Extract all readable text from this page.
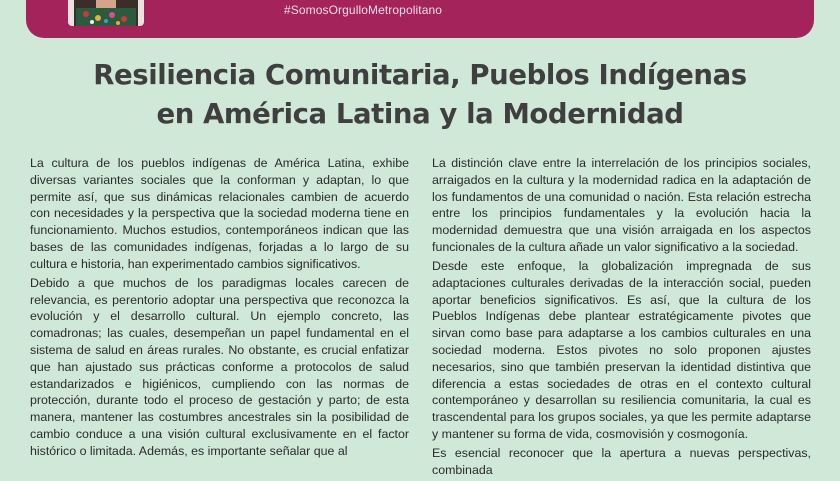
#SomosOrgulloMetropolitano
Resiliencia Comunitaria, Pueblos Indígenas
en América Latina y la Modernidad

La cultura de los pueblos indígenas de América Latina, exhibe diversas variantes sociales que la conforman y adaptan, lo que permite así, que sus dinámicas relacionales cambien de acuerdo con necesidades y la perspectiva que la sociedad moderna tiene en funcionamiento. Muchos estudios, contemporáneos indican que las bases de las comunidades indígenas, forjadas a lo largo de su cultura e historia, han experimentado cambios significativos.

Debido a que muchos de los paradigmas locales carecen de relevancia, es perentorio adoptar una perspectiva que reconozca la evolución y el desarrollo cultural. Un ejemplo concreto, las comadronas; las cuales, desempeñan un papel fundamental en el sistema de salud en áreas rurales. No obstante, es crucial enfatizar que han ajustado sus prácticas conforme a protocolos de salud estandarizados e higiénicos, cumpliendo con las normas de protección, durante todo el proceso de gestación y parto; de esta manera, mantener las costumbres ancestrales sin la posibilidad de cambio conduce a una visión cultural exclusivamente en el factor histórico o limitada. Además, es importante señalar que al

La distinción clave entre la interrelación de los principios sociales, arraigados en la cultura y la modernidad radica en la adaptación de los fundamentos de una comunidad o nación. Esta relación estrecha entre los principios fundamentales y la evolución hacia la modernidad demuestra que una visión arraigada en los aspectos funcionales de la cultura añade un valor significativo a la sociedad.

Desde este enfoque, la globalización impregnada de sus adaptaciones culturales derivadas de la interacción social, pueden aportar beneficios significativos. Es así, que la cultura de los Pueblos Indígenas debe plantear estratégicamente pivotes que sirvan como base para adaptarse a los cambios culturales en una sociedad moderna. Estos pivotes no solo proponen ajustes necesarios, sino que también preservan la identidad distintiva que diferencia a estas sociedades de otras en el contexto cultural contemporáneo y desarrollan su resiliencia comunitaria, la cual es trascendental para los grupos sociales, ya que les permite adaptarse y mantener su forma de vida, cosmovisión y cosmogonía.

Es esencial reconocer que la apertura a nuevas perspectivas, combinada
